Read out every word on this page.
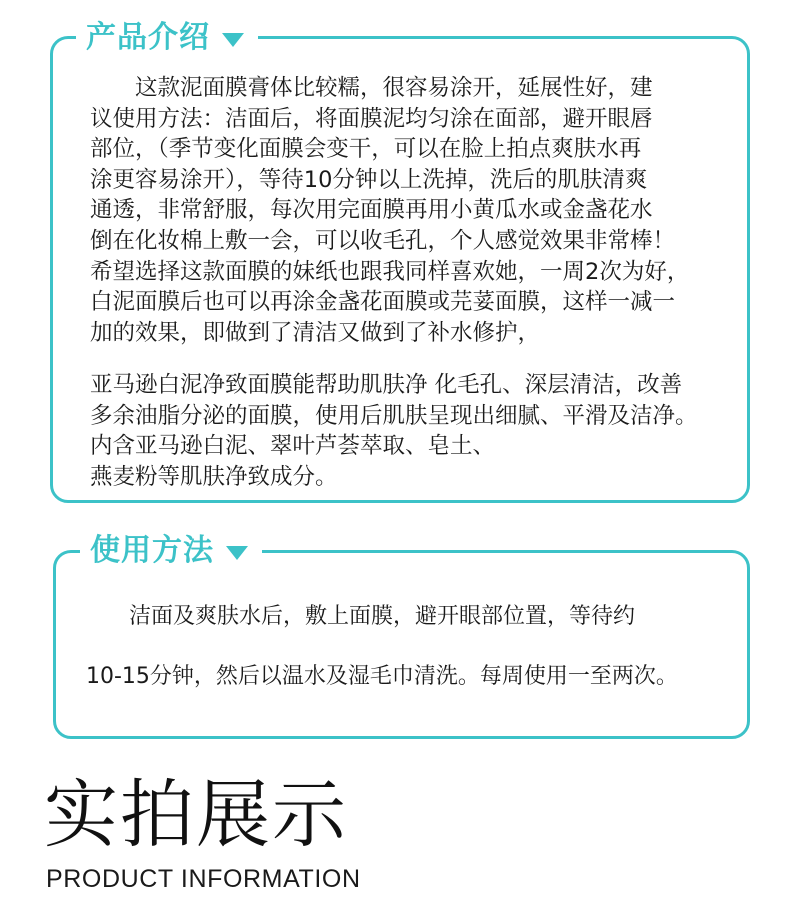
产品介绍
　　这款泥面膜膏体比较糯，很容易涂开，延展性好，建
议使用方法：洁面后，将面膜泥均匀涂在面部，避开眼唇
部位，（季节变化面膜会变干，可以在脸上拍点爽肤水再
涂更容易涂开），等待10分钟以上洗掉，洗后的肌肤清爽
通透，非常舒服，每次用完面膜再用小黄瓜水或金盏花水
倒在化妆棉上敷一会，可以收毛孔，个人感觉效果非常棒！
希望选择这款面膜的妹纸也跟我同样喜欢她，一周2次为好，
白泥面膜后也可以再涂金盏花面膜或芫荽面膜，这样一减一
加的效果，即做到了清洁又做到了补水修护，
亚马逊白泥净致面膜能帮助肌肤净 化毛孔、深层清洁，改善
多余油脂分泌的面膜，使用后肌肤呈现出细腻、平滑及洁净。
内含亚马逊白泥、翠叶芦荟萃取、皂土、
燕麦粉等肌肤净致成分。
使用方法
洁面及爽肤水后，敷上面膜，避开眼部位置，等待约
10-15分钟，然后以温水及湿毛巾清洗。每周使用一至两次。
实拍展示
PRODUCT INFORMATION
